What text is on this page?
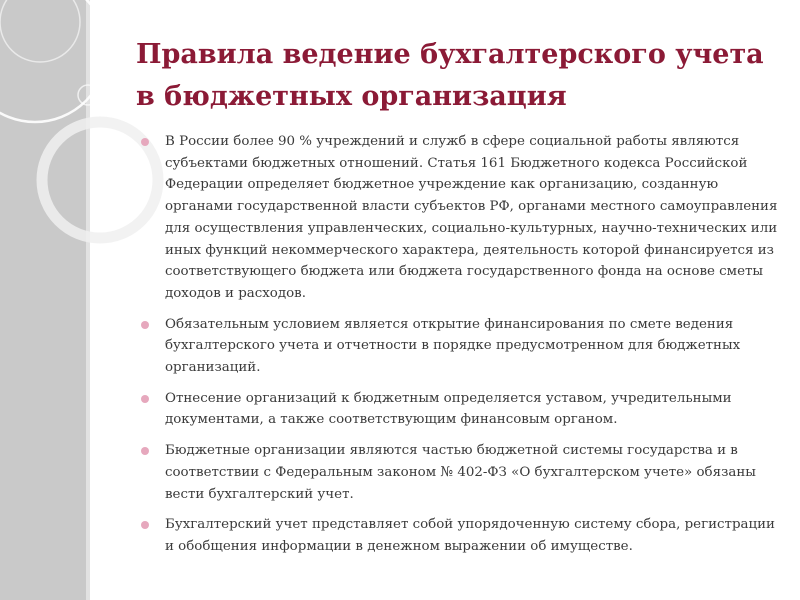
Правила ведение бухгалтерского учета в бюджетных организация
В России более 90 % учреждений и служб в сфере социальной работы являются субъектами бюджетных отношений. Статья 161 Бюджетного кодекса Российской Федерации определяет бюджетное учреждение как организацию, созданную органами государственной власти субъектов РФ, органами местного самоуправления для осуществления управленческих, социально-культурных, научно-технических или иных функций некоммерческого характера, деятельность которой финансируется из соответствующего бюджета или бюджета государственного фонда на основе сметы доходов и расходов.
Обязательным условием является открытие финансирования по смете ведения бухгалтерского учета и отчетности в порядке предусмотренном для бюджетных организаций.
Отнесение организаций к бюджетным определяется уставом, учредительными документами, а также соответствующим финансовым органом.
Бюджетные организации являются частью бюджетной системы государства и в соответствии с Федеральным законом № 402-ФЗ «О бухгалтерском учете» обязаны вести бухгалтерский учет.
Бухгалтерский учет представляет собой упорядоченную систему сбора, регистрации и обобщения информации в денежном выражении об имуществе.
